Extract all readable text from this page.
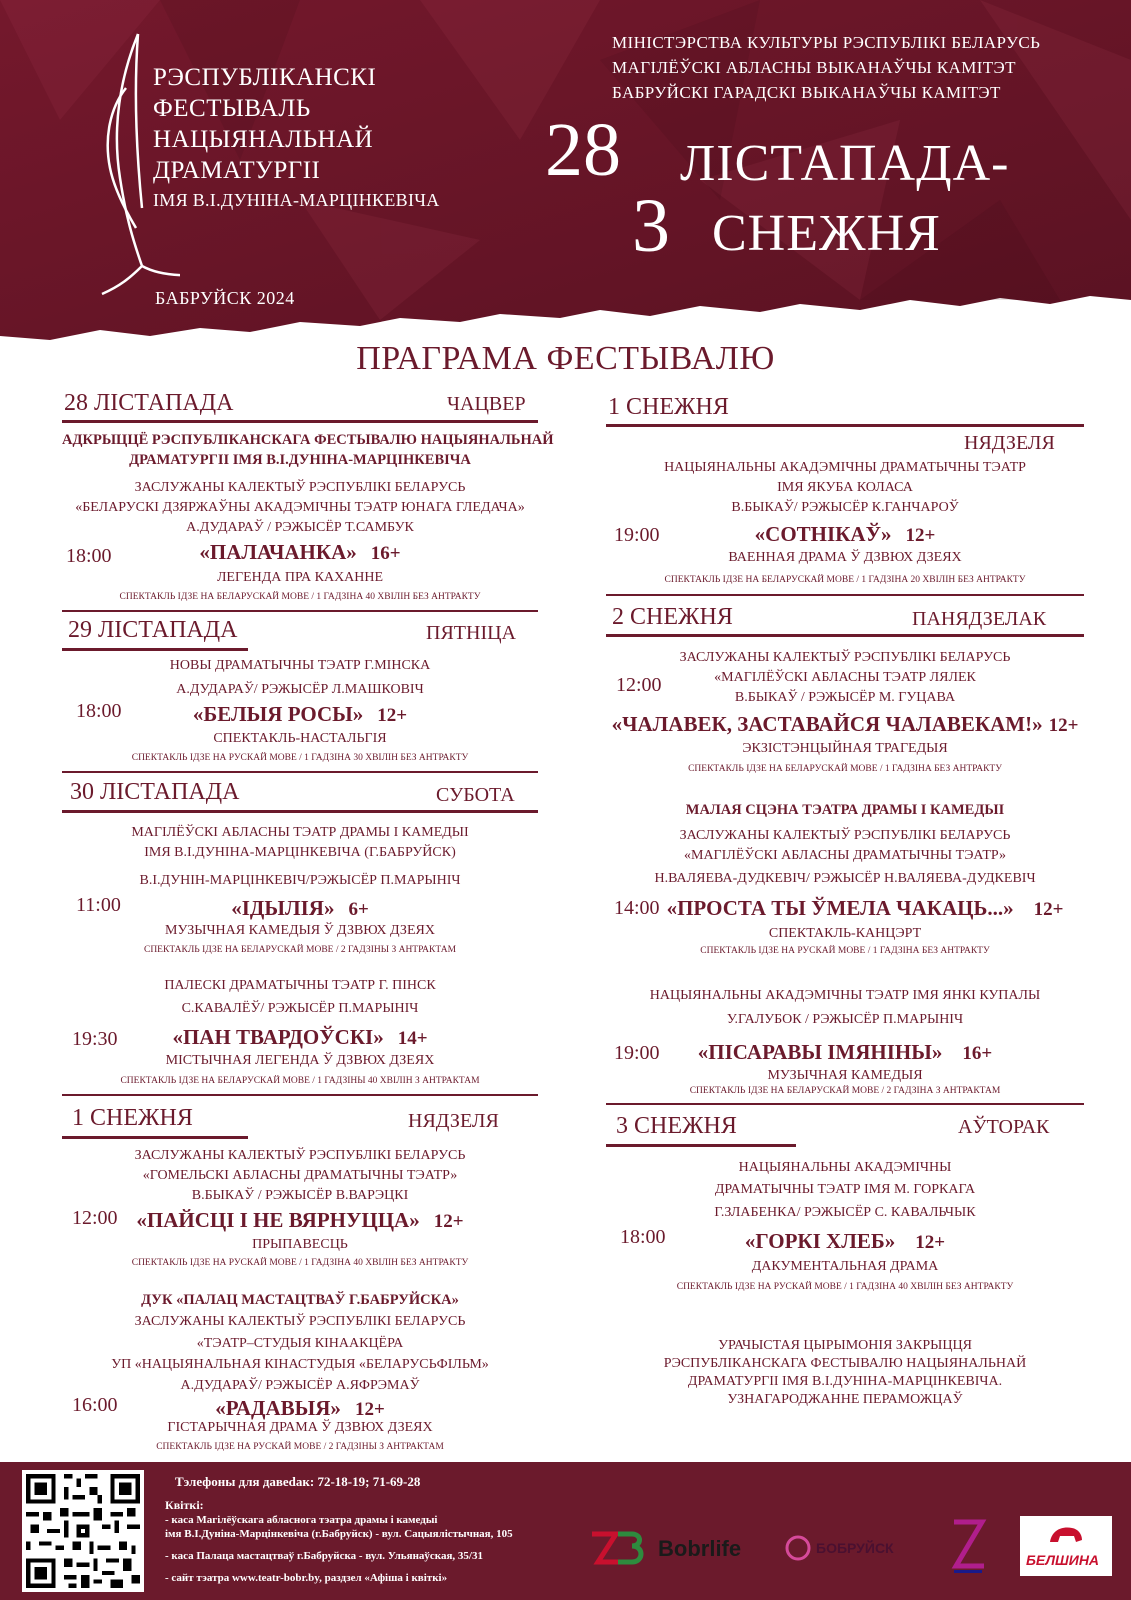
РЭСПУБЛІКАНСКІ
ФЕСТЫВАЛЬ
НАЦЫЯНАЛЬНАЙ
ДРАМАТУРГІІ
ІМЯ В.І.ДУНІНА-МАРЦІНКЕВІЧА
БАБРУЙСК 2024
МІНІСТЭРСТВА КУЛЬТУРЫ РЭСПУБЛІКІ БЕЛАРУСЬ
МАГІЛЁЎСКІ АБЛАСНЫ ВЫКАНАЎЧЫ КАМІТЭТ
БАБРУЙСКІ ГАРАДСКІ ВЫКАНАЎЧЫ КАМІТЭТ
28 ЛІСТАПАДА-
3 СНЕЖНЯ
ПРАГРАМА ФЕСТЫВАЛЮ
28 ЛІСТАПАДА	ЧАЦВЕР
АДКРЫЦЦЁ РЭСПУБЛІКАНСКАГА ФЕСТЫВАЛЮ НАЦЫЯНАЛЬНАЙ
ДРАМАТУРГІІ ІМЯ В.І.ДУНІНА-МАРЦІНКЕВІЧА
ЗАСЛУЖАНЫ КАЛЕКТЫЎ РЭСПУБЛІКІ БЕЛАРУСЬ
«БЕЛАРУСКІ ДЗЯРЖАЎНЫ АКАДЭМІЧНЫ ТЭАТР ЮНАГА ГЛЕДАЧА»
А.ДУДАРАЎ / РЭЖЫСЁР Т.САМБУК
18:00	«ПАЛАЧАНКА» 16+
ЛЕГЕНДА ПРА КАХАННЕ
СПЕКТАКЛЬ ІДЗЕ НА БЕЛАРУСКАЙ МОВЕ / 1 ГАДЗІНА 40 ХВІЛІН БЕЗ АНТРАКТУ
29 ЛІСТАПАДА	ПЯТНІЦА
НОВЫ ДРАМАТЫЧНЫ ТЭАТР Г.МІНСКА
А.ДУДАРАЎ/ РЭЖЫСЁР Л.МАШКОВІЧ
18:00	«БЕЛЫЯ РОСЫ» 12+
СПЕКТАКЛЬ-НАСТАЛЬГІЯ
СПЕКТАКЛЬ ІДЗЕ НА РУСКАЙ МОВЕ / 1 ГАДЗІНА 30 ХВІЛІН БЕЗ АНТРАКТУ
30 ЛІСТАПАДА	СУБОТА
МАГІЛЁЎСКІ АБЛАСНЫ ТЭАТР ДРАМЫ І КАМЕДЫІ
ІМЯ В.І.ДУНІНА-МАРЦІНКЕВІЧА (Г.БАБРУЙСК)
В.І.ДУНІН-МАРЦІНКЕВІЧ/РЭЖЫСЁР П.МАРЫНІЧ
11:00	«ІДЫЛІЯ» 6+
МУЗЫЧНАЯ КАМЕДЫЯ Ў ДЗВЮХ ДЗЕЯХ
СПЕКТАКЛЬ ІДЗЕ НА БЕЛАРУСКАЙ МОВЕ / 2 ГАДЗІНЫ З АНТРАКТАМ
ПАЛЕСКІ ДРАМАТЫЧНЫ ТЭАТР Г. ПІНСК
С.КАВАЛЁЎ/ РЭЖЫСЁР П.МАРЫНІЧ
19:30	«ПАН ТВАРДОЎСКІ» 14+
МІСТЫЧНАЯ ЛЕГЕНДА Ў ДЗВЮХ ДЗЕЯХ
СПЕКТАКЛЬ ІДЗЕ НА БЕЛАРУСКАЙ МОВЕ / 1 ГАДЗІНЫ 40 ХВІЛІН З АНТРАКТАМ
1 СНЕЖНЯ	НЯДЗЕЛЯ
ЗАСЛУЖАНЫ КАЛЕКТЫЎ РЭСПУБЛІКІ БЕЛАРУСЬ
«ГОМЕЛЬСКІ АБЛАСНЫ ДРАМАТЫЧНЫ ТЭАТР»
В.БЫКАЎ / РЭЖЫСЁР В.ВАРЭЦКІ
12:00 «ПАЙСЦІ І НЕ ВЯРНУЦЦА» 12+
ПРЫПАВЕСЦЬ
СПЕКТАКЛЬ ІДЗЕ НА РУСКАЙ МОВЕ / 1 ГАДЗІНА 40 ХВІЛІН БЕЗ АНТРАКТУ
ДУК «ПАЛАЦ МАСТАЦТВАЎ Г.БАБРУЙСКА»
ЗАСЛУЖАНЫ КАЛЕКТЫЎ РЭСПУБЛІКІ БЕЛАРУСЬ
«ТЭАТР–СТУДЫЯ КІНААКЦЁРА
УП «НАЦЫЯНАЛЬНАЯ КІНАСТУДЫЯ «БЕЛАРУСЬФІЛЬМ»
А.ДУДАРАЎ/ РЭЖЫСЁР А.ЯФРЭМАЎ
16:00	«РАДАВЫЯ» 12+
ГІСТАРЫЧНАЯ ДРАМА Ў ДЗВЮХ ДЗЕЯХ
СПЕКТАКЛЬ ІДЗЕ НА РУСКАЙ МОВЕ / 2 ГАДЗІНЫ З АНТРАКТАМ
1 СНЕЖНЯ
НЯДЗЕЛЯ
НАЦЫЯНАЛЬНЫ АКАДЭМІЧНЫ ДРАМАТЫЧНЫ ТЭАТР
ІМЯ ЯКУБА КОЛАСА
В.БЫКАЎ/ РЭЖЫСЁР К.ГАНЧАРОЎ
19:00	«СОТНІКАЎ» 12+
ВАЕННАЯ ДРАМА Ў ДЗВЮХ ДЗЕЯХ
СПЕКТАКЛЬ ІДЗЕ НА БЕЛАРУСКАЙ МОВЕ / 1 ГАДЗІНА 20 ХВІЛІН БЕЗ АНТРАКТУ
2 СНЕЖНЯ	ПАНЯДЗЕЛАК
ЗАСЛУЖАНЫ КАЛЕКТЫЎ РЭСПУБЛІКІ БЕЛАРУСЬ
«МАГІЛЁЎСКІ АБЛАСНЫ ТЭАТР ЛЯЛЕК
12:00
В.БЫКАЎ / РЭЖЫСЁР М. ГУЦАВА
«ЧАЛАВЕК, ЗАСТАВАЙСЯ ЧАЛАВЕКАМ!» 12+
ЭКЗІСТЭНЦЫЙНАЯ ТРАГЕДЫЯ
СПЕКТАКЛЬ ІДЗЕ НА БЕЛАРУСКАЙ МОВЕ / 1 ГАДЗІНА БЕЗ АНТРАКТУ
МАЛАЯ СЦЭНА ТЭАТРА ДРАМЫ І КАМЕДЫІ
ЗАСЛУЖАНЫ КАЛЕКТЫЎ РЭСПУБЛІКІ БЕЛАРУСЬ
«МАГІЛЁЎСКІ АБЛАСНЫ ДРАМАТЫЧНЫ ТЭАТР»
Н.ВАЛЯЕВА-ДУДКЕВІЧ/ РЭЖЫСЁР Н.ВАЛЯЕВА-ДУДКЕВІЧ
14:00 «ПРОСТА ТЫ ЎМЕЛА ЧАКАЦЬ...» 12+
СПЕКТАКЛЬ-КАНЦЭРТ
СПЕКТАКЛЬ ІДЗЕ НА РУСКАЙ МОВЕ / 1 ГАДЗІНА БЕЗ АНТРАКТУ
НАЦЫЯНАЛЬНЫ АКАДЭМІЧНЫ ТЭАТР ІМЯ ЯНКІ КУПАЛЫ
У.ГАЛУБОК / РЭЖЫСЁР П.МАРЫНІЧ
19:00	«ПІСАРАВЫ ІМЯНІНЫ» 16+
МУЗЫЧНАЯ КАМЕДЫЯ
СПЕКТАКЛЬ ІДЗЕ НА БЕЛАРУСКАЙ МОВЕ / 2 ГАДЗІНА З АНТРАКТАМ
3 СНЕЖНЯ	АЎТОРАК
НАЦЫЯНАЛЬНЫ АКАДЭМІЧНЫ
ДРАМАТЫЧНЫ ТЭАТР ІМЯ М. ГОРКАГА
Г.ЗЛАБЕНКА/ РЭЖЫСЁР С. КАВАЛЬЧЫК
18:00	«ГОРКІ ХЛЕБ» 12+
ДАКУМЕНТАЛЬНАЯ ДРАМА
СПЕКТАКЛЬ ІДЗЕ НА РУСКАЙ МОВЕ / 1 ГАДЗІНА 40 ХВІЛІН БЕЗ АНТРАКТУ
УРАЧЫСТАЯ ЦЫРЫМОНІЯ ЗАКРЫЦЦЯ
РЭСПУБЛІКАНСКАГА ФЕСТЫВАЛЮ НАЦЫЯНАЛЬНАЙ
ДРАМАТУРГІІ ІМЯ В.І.ДУНІНА-МАРЦІНКЕВІЧА.
УЗНАГАРОДЖАННЕ ПЕРАМОЖЦАЎ
Тэлефоны для давedак: 72-18-19; 71-69-28
Квіткі:
- каса Магілёўскага абласнога тэатра драмы і камедыі
імя В.І.Дуніна-Марцінкевіча (г.Бабруйск) - вул. Сацыялістычная, 105
- каса Палаца мастацтваў г.Бабруйска - вул. Ульянаўская, 35/31
- сайт тэатра www.teatr-bobr.by, раздзел «Афіша і квіткі»
Bobrlife	БОБРУЙСК
БЕЛШИНА
